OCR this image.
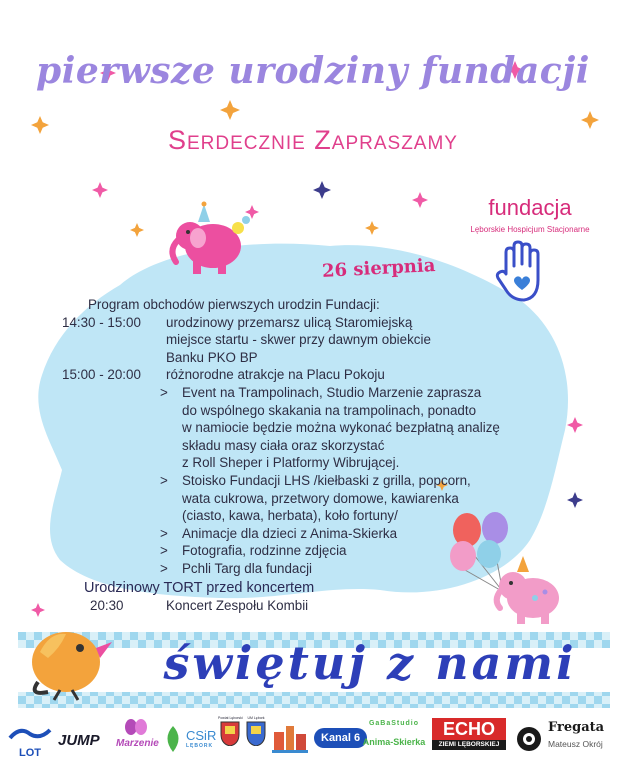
pierwsze urodziny fundacji
Serdecznie Zapraszamy
fundacja
Lęborskie Hospicjum Stacjonarne
26 sierpnia
Program obchodów pierwszych urodzin Fundacji:
14:30 - 15:00	urodzinowy przemarsz ulicą Staromiejską
miejsce startu - skwer przy dawnym obiekcie
Banku PKO BP
15:00 - 20:00	różnorodne atrakcje na Placu Pokoju
>	Event na Trampolinach, Studio Marzenie zaprasza
do wspólnego skakania na trampolinach, ponadto
w namiocie będzie można wykonać bezpłatną analizę
składu masy ciała oraz skorzystać
z Roll Sheper i Platformy Wibrującej.
>	Stoisko Fundacji LHS /kiełbaski z grilla, popcorn,
wata cukrowa, przetwory domowe, kawiarenka
(ciasto, kawa, herbata), koło fortuny/
>	Animacje dla dzieci z Anima-Skierka
>	Fotografia, rodzinne zdjęcia
>	Pchli Targ dla fundacji
Urodzinowy TORT przed koncertem
20:30	Koncert Zespołu Kombii
świętuj z nami
LOT
JUMP Marzenie
CSiR
LĘBORK
Powiat Lęborski	UM Lębork
Kanal 6
GaBaStudio
Anima-Skierka
ECHO
ZIEMI LĘBORSKIEJ
Fregata
Mateusz Okrój
